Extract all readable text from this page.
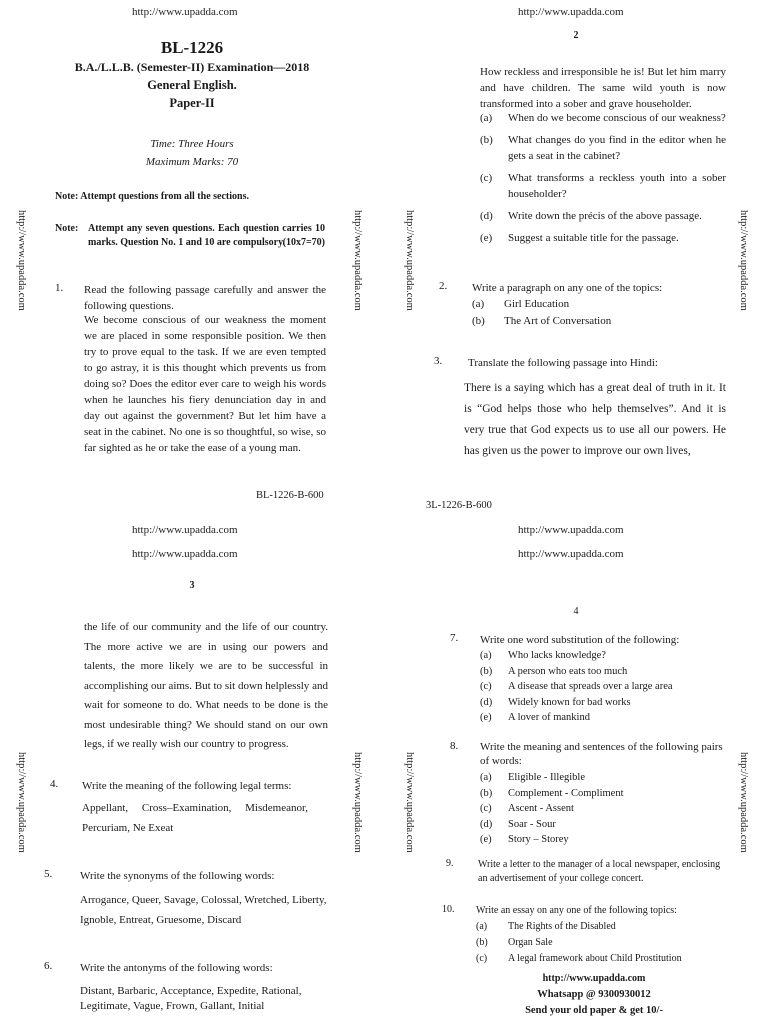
http://www.upadda.com
http://www.upadda.com	http://www.upadda.com
BL-1226
B.A./L.L.B. (Semester-II) Examination—2018
General English.
Paper-II
Time: Three Hours
Maximum Marks: 70
Note: Attempt questions from all the sections.
Note: Attempt any seven questions. Each question carries 10 marks. Question No. 1 and 10 are compulsory.
(10x7=70)
1. Read the following passage carefully and answer the following questions.
We become conscious of our weakness the moment we are placed in some responsible position. We then try to prove equal to the task. If we are even tempted to go astray, it is this thought which prevents us from doing so? Does the editor ever care to weigh his words when he launches his fiery denunciation day in and day out against the government? But let him have a seat in the cabinet. No one is so thoughtful, so wise, so far sighted as he or take the ease of a young man.
BL-1226-B-600
http://www.upadda.com
http://www.upadda.com	http://www.upadda.com
2
How reckless and irresponsible he is! But let him marry and have children. The same wild youth is now transformed into a sober and grave householder.
(a)	When do we become conscious of our weakness?
(b)	What changes do you find in the editor when he gets a seat in the cabinet?
(c)	What transforms a reckless youth into a sober householder?
(d)	Write down the précis of the above passage.
(e)	Suggest a suitable title for the passage.
2. Write a paragraph on any one of the topics:
(a)	Girl Education
(b)	The Art of Conversation
3. Translate the following passage into Hindi:
There is a saying which has a great deal of truth in it. It is “God helps those who help themselves”. And it is very true that God expects us to use all our powers. He has given us the power to improve our own lives,
3L-1226-B-600
http://www.upadda.com
http://www.upadda.com
http://www.upadda.com	http://www.upadda.com
3
the life of our community and the life of our country. The more active we are in using our powers and talents, the more likely we are to be successful in accomplishing our aims. But to sit down helplessly and wait for someone to do. What needs to be done is the most undesirable thing? We should stand on our own legs, if we really wish our country to progress.
4. Write the meaning of the following legal terms:
Appellant,     Cross–Examination,     Misdemeanor, Percuriam, Ne Exeat
5.	Write the synonyms of the following words:
Arrogance, Queer, Savage, Colossal, Wretched, Liberty, Ignoble, Entreat, Gruesome, Discard
6.	Write the antonyms of the following words:
Distant, Barbaric, Acceptance, Expedite, Rational, Legitimate, Vague, Frown, Gallant, Initial
http://www.upadda.com
http://www.upadda.com
http://www.upadda.com	http://www.upadda.com
4
7. Write one word substitution of the following:
(a)	Who lacks knowledge?
(b)	A person who eats too much
(c)	A disease that spreads over a large area
(d)	Widely known for bad works
(e)	A lover of mankind
8. Write the meaning and sentences of the following pairs of words:
(a)	Eligible - Illegible
(b)	Complement - Compliment
(c)	Ascent - Assent
(d)	Soar - Sour
(e)	Story – Storey
9. Write a letter to the manager of a local newspaper, enclosing an advertisement of your college concert.
10. Write an essay on any one of the following topics:
(a)	The Rights of the Disabled
(b)	Organ Sale
(c)	A legal framework about Child Prostitution
http://www.upadda.com
Whatsapp @ 9300930012
Send your old paper & get 10/-
